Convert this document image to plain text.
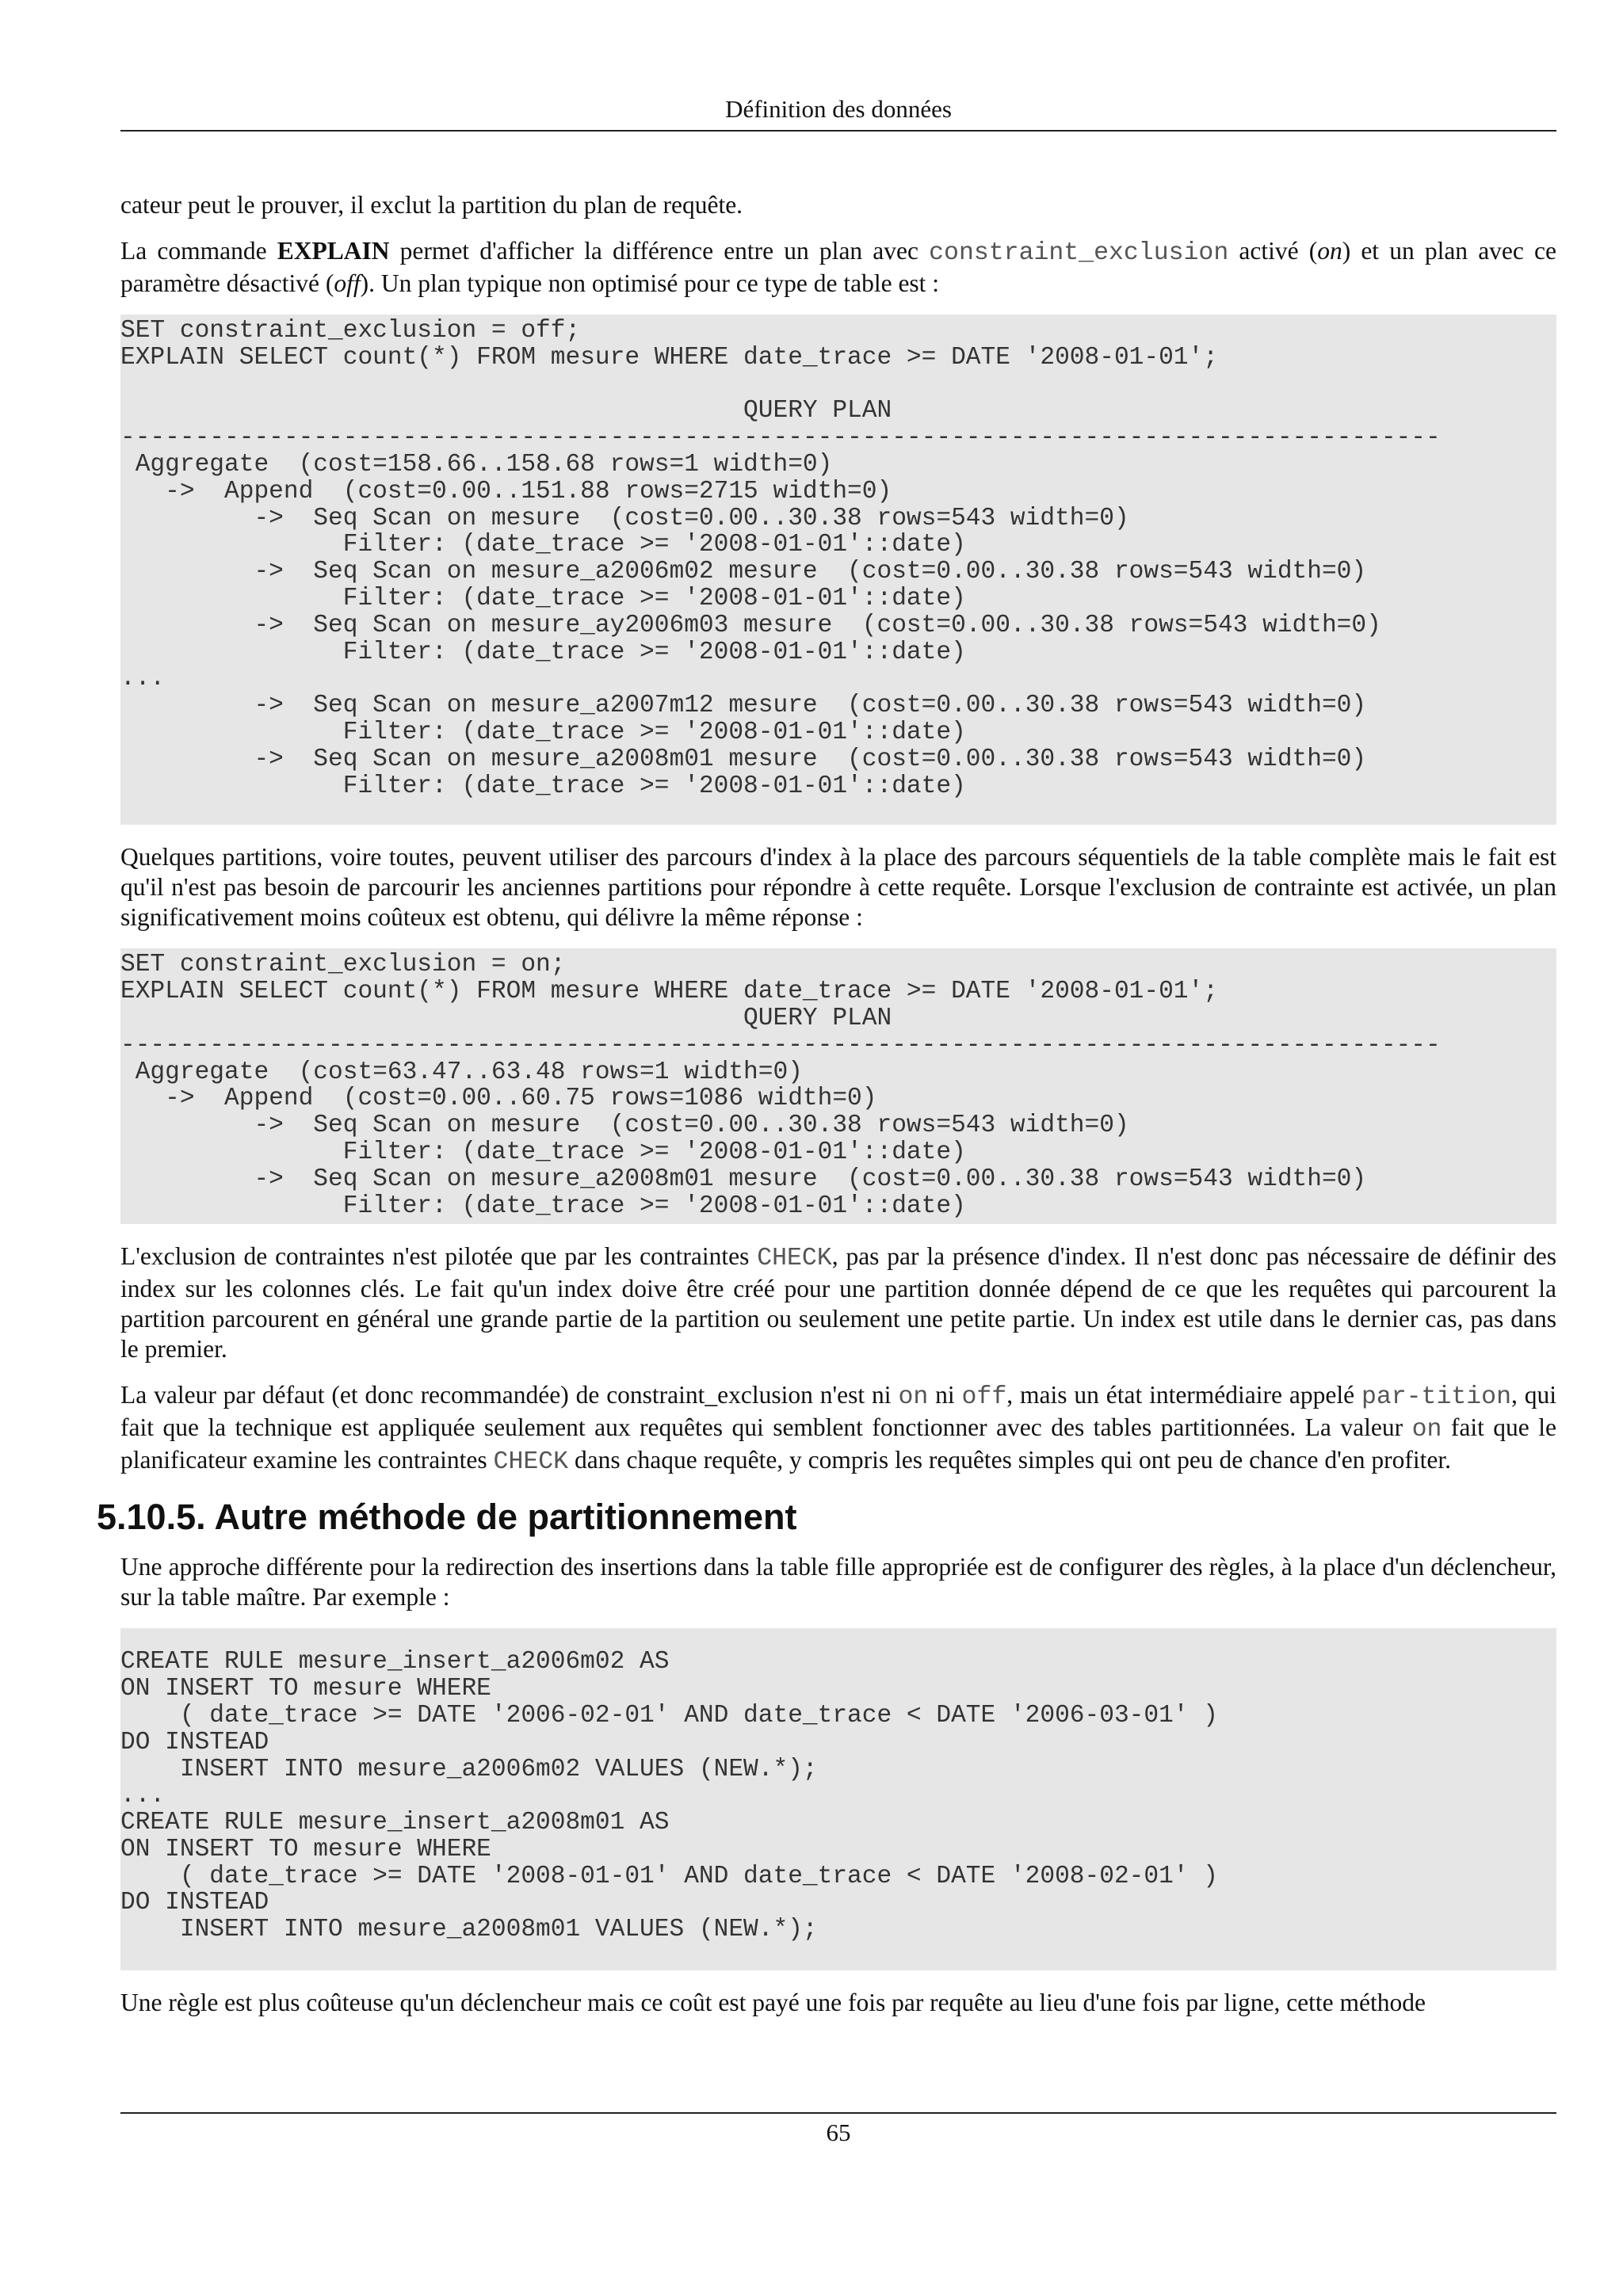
Définition des données

cateur peut le prouver, il exclut la partition du plan de requête.

La commande EXPLAIN permet d'afficher la différence entre un plan avec constraint_exclusion activé (on) et un plan avec ce paramètre désactivé (off). Un plan typique non optimisé pour ce type de table est :

SET constraint_exclusion = off;
EXPLAIN SELECT count(*) FROM mesure WHERE date_trace >= DATE '2008-01-01';

QUERY PLAN
-----------------------------------------------------------------------------------------
Aggregate  (cost=158.66..158.68 rows=1 width=0)
->  Append  (cost=0.00..151.88 rows=2715 width=0)
->  Seq Scan on mesure  (cost=0.00..30.38 rows=543 width=0)
Filter: (date_trace >= '2008-01-01'::date)
->  Seq Scan on mesure_a2006m02 mesure  (cost=0.00..30.38 rows=543 width=0)
Filter: (date_trace >= '2008-01-01'::date)
->  Seq Scan on mesure_ay2006m03 mesure  (cost=0.00..30.38 rows=543 width=0)
Filter: (date_trace >= '2008-01-01'::date)
...
->  Seq Scan on mesure_a2007m12 mesure  (cost=0.00..30.38 rows=543 width=0)
Filter: (date_trace >= '2008-01-01'::date)
->  Seq Scan on mesure_a2008m01 mesure  (cost=0.00..30.38 rows=543 width=0)
Filter: (date_trace >= '2008-01-01'::date)

Quelques partitions, voire toutes, peuvent utiliser des parcours d'index à la place des parcours séquentiels de la table complète mais le fait est qu'il n'est pas besoin de parcourir les anciennes partitions pour répondre à cette requête. Lorsque l'exclusion de contrainte est activée, un plan significativement moins coûteux est obtenu, qui délivre la même réponse :

SET constraint_exclusion = on;
EXPLAIN SELECT count(*) FROM mesure WHERE date_trace >= DATE '2008-01-01';
QUERY PLAN
-----------------------------------------------------------------------------------------
Aggregate  (cost=63.47..63.48 rows=1 width=0)
->  Append  (cost=0.00..60.75 rows=1086 width=0)
->  Seq Scan on mesure  (cost=0.00..30.38 rows=543 width=0)
Filter: (date_trace >= '2008-01-01'::date)
->  Seq Scan on mesure_a2008m01 mesure  (cost=0.00..30.38 rows=543 width=0)
Filter: (date_trace >= '2008-01-01'::date)

L'exclusion de contraintes n'est pilotée que par les contraintes CHECK, pas par la présence d'index. Il n'est donc pas nécessaire de définir des index sur les colonnes clés. Le fait qu'un index doive être créé pour une partition donnée dépend de ce que les requêtes qui parcourent la partition parcourent en général une grande partie de la partition ou seulement une petite partie. Un index est utile dans le dernier cas, pas dans le premier.

La valeur par défaut (et donc recommandée) de constraint_exclusion n'est ni on ni off, mais un état intermédiaire appelé par-tition, qui fait que la technique est appliquée seulement aux requêtes qui semblent fonctionner avec des tables partitionnées. La valeur on fait que le planificateur examine les contraintes CHECK dans chaque requête, y compris les requêtes simples qui ont peu de chance d'en profiter.

5.10.5. Autre méthode de partitionnement

Une approche différente pour la redirection des insertions dans la table fille appropriée est de configurer des règles, à la place d'un déclencheur, sur la table maître. Par exemple :

CREATE RULE mesure_insert_a2006m02 AS
ON INSERT TO mesure WHERE
( date_trace >= DATE '2006-02-01' AND date_trace < DATE '2006-03-01' )
DO INSTEAD
INSERT INTO mesure_a2006m02 VALUES (NEW.*);
...
CREATE RULE mesure_insert_a2008m01 AS
ON INSERT TO mesure WHERE
( date_trace >= DATE '2008-01-01' AND date_trace < DATE '2008-02-01' )
DO INSTEAD
INSERT INTO mesure_a2008m01 VALUES (NEW.*);

Une règle est plus coûteuse qu'un déclencheur mais ce coût est payé une fois par requête au lieu d'une fois par ligne, cette méthode

65
